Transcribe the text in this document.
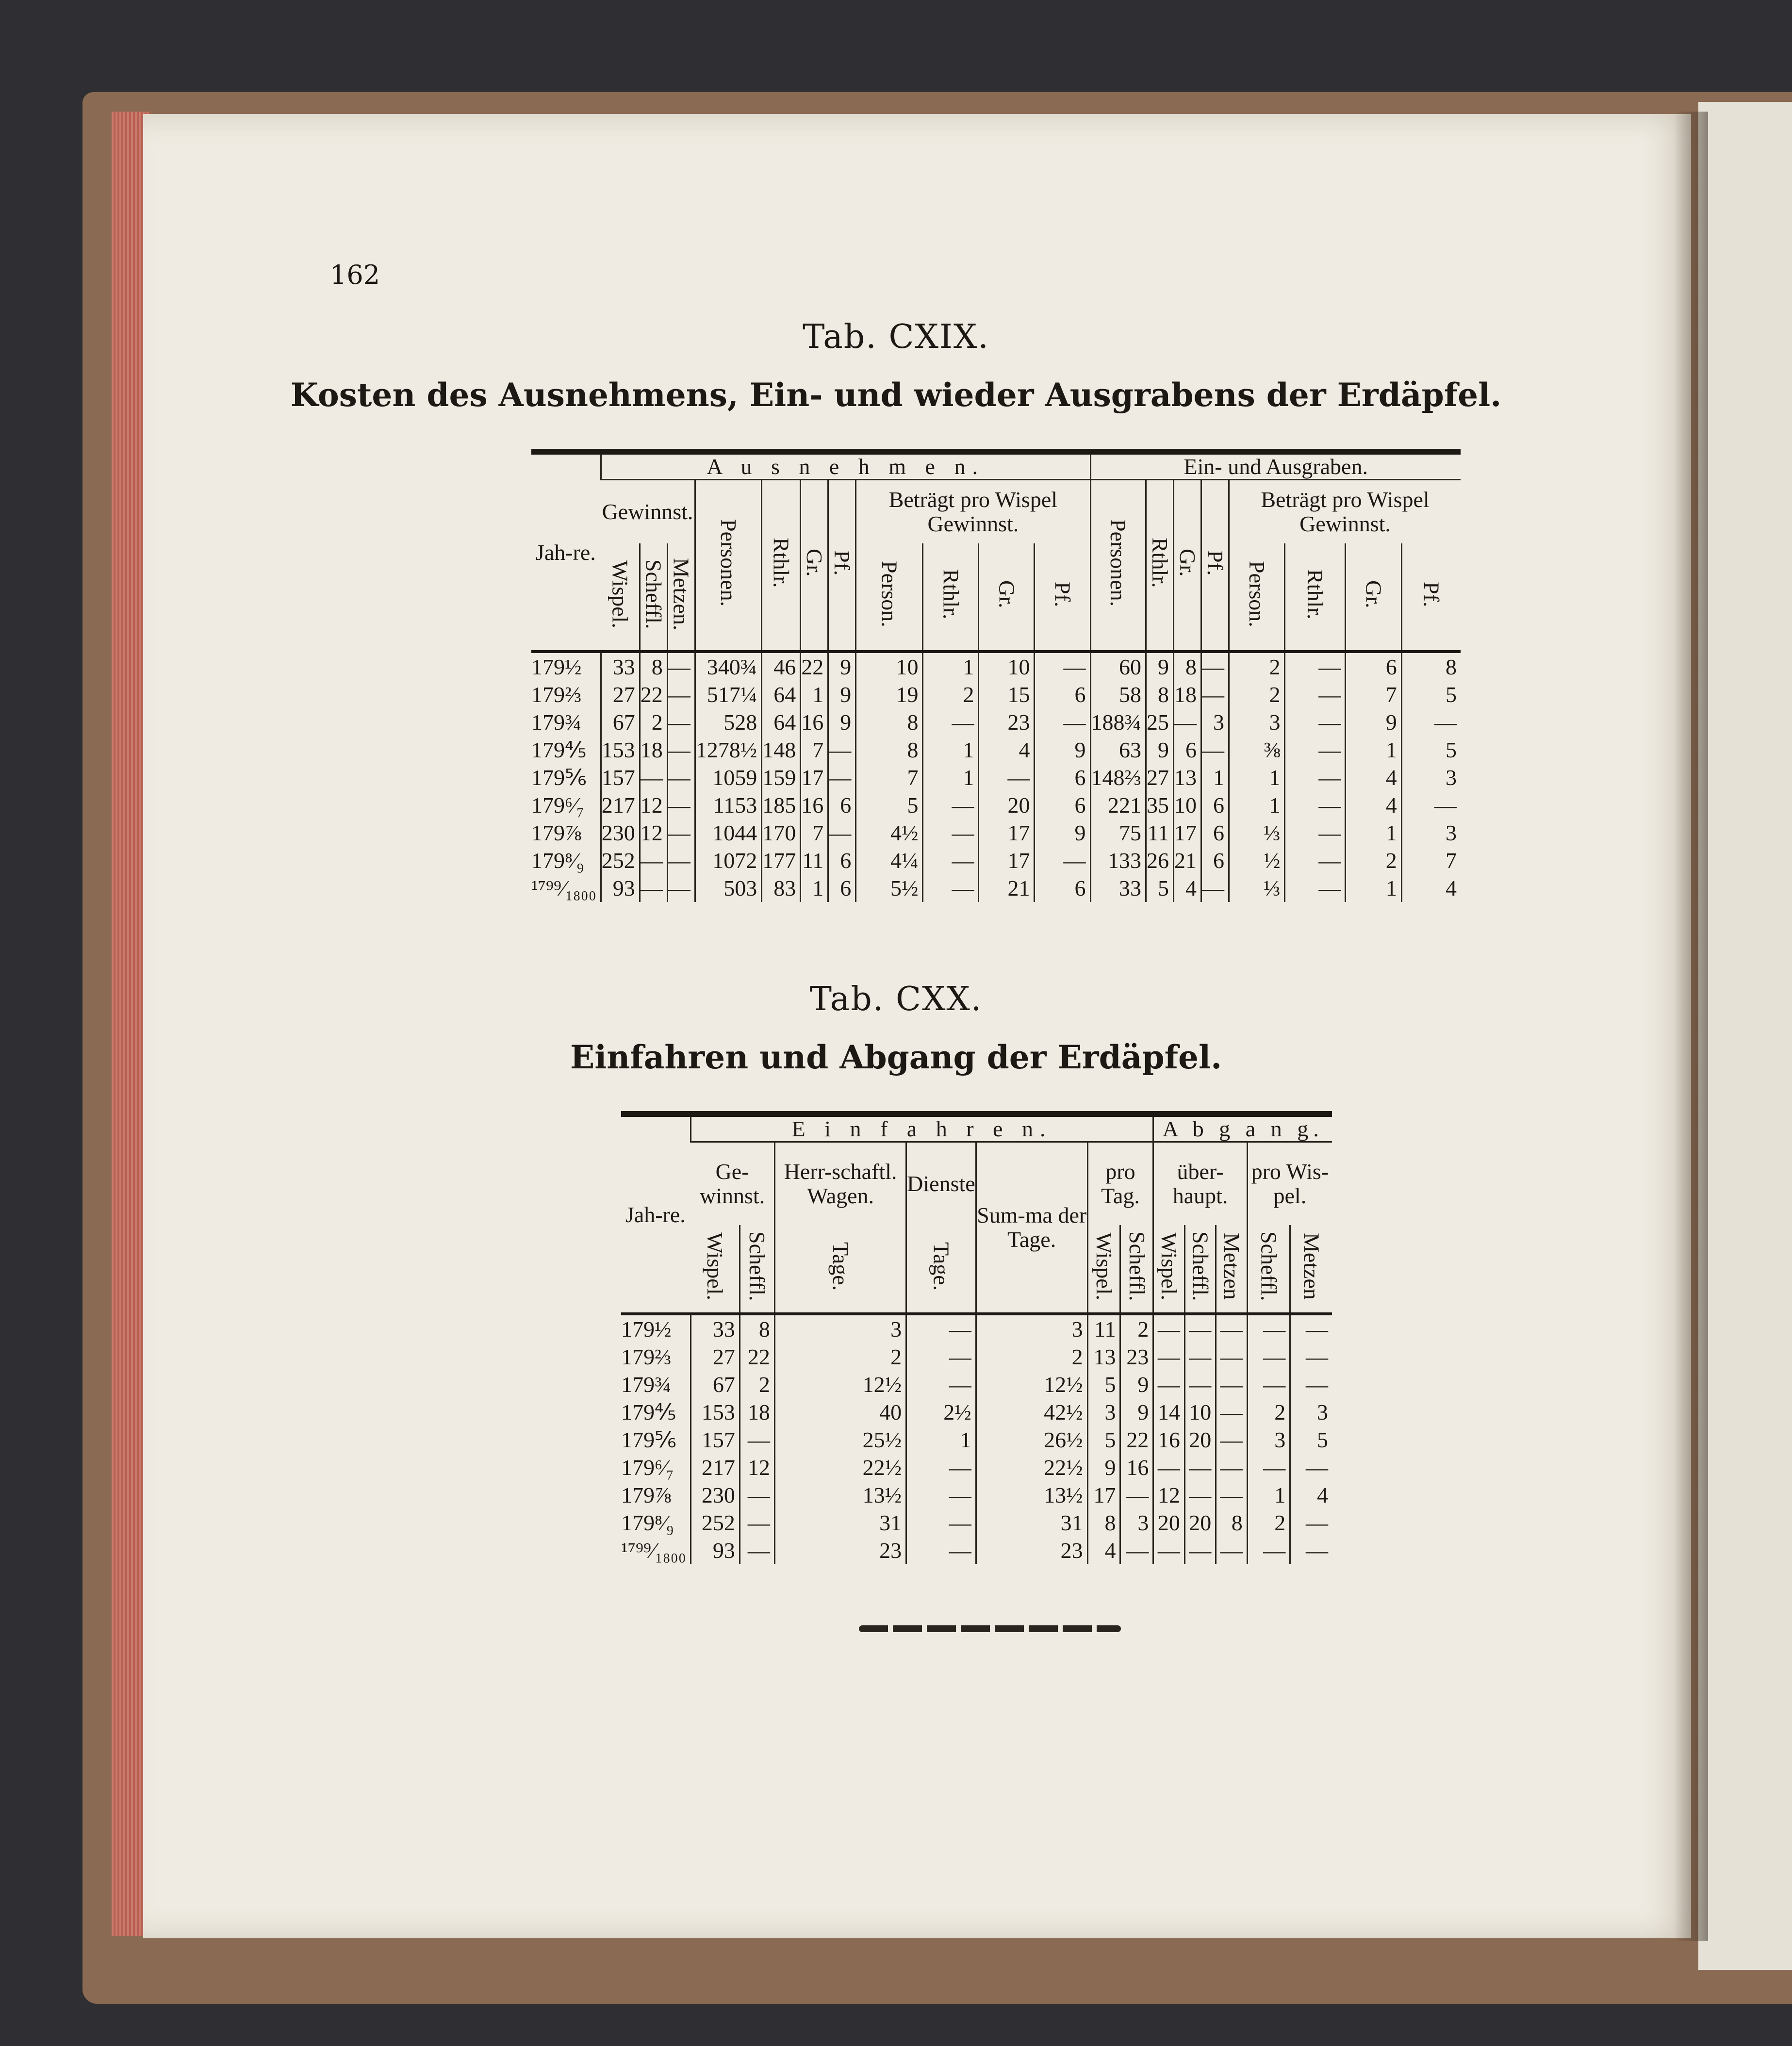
162
Tab. CXIX.
Kosten des Ausnehmens, Ein- und wieder Ausgrabens der Erdäpfel.
Jah-re.	A u s n e h m e n.											Ein- und Ausgraben.							
	Gewinnst.			Personen.	Rthlr.	Gr.	Pf.	Beträgt pro Wispel Gewinnst.				Personen.	Rthlr.	Gr.	Pf.	Beträgt pro Wispel Gewinnst.			
	Wispel.	Scheffl.	Metzen.					Person.	Rthlr.	Gr.	Pf.					Person.	Rthlr.	Gr.	Pf.
179½	33	8	—	340¾	46	22	9	10	1	10	—	60	9	8	—	2	—	6	8
179⅔	27	22	—	517¼	64	1	9	19	2	15	6	58	8	18	—	2	—	7	5
179¾	67	2	—	528	64	16	9	8	—	23	—	188¾	25	—	3	3	—	9	—
179⅘	153	18	—	1278½	148	7	—	8	1	4	9	63	9	6	—	⅜	—	1	5
179⅚	157	—	—	1059	159	17	—	7	1	—	6	148⅔	27	13	1	1	—	4	3
179⁶⁄₇	217	12	—	1153	185	16	6	5	—	20	6	221	35	10	6	1	—	4	—
179⅞	230	12	—	1044	170	7	—	4½	—	17	9	75	11	17	6	⅓	—	1	3
179⁸⁄₉	252	—	—	1072	177	11	6	4¼	—	17	—	133	26	21	6	½	—	2	7
¹⁷⁹⁹⁄₁₈₀₀	93	—	—	503	83	1	6	5½	—	21	6	33	5	4	—	⅓	—	1	4
Tab. CXX.
Einfahren und Abgang der Erdäpfel.
Jah-re.	E i n f a h r e n.							A b g a n g.				
	Ge-winnst.		Herr-schaftl. Wagen.	Dienste	Sum-ma der Tage.	pro Tag.		über-haupt.			pro Wis-pel.	
	Wispel.	Scheffl.	Tage.	Tage.		Wispel.	Scheffl.	Wispel.	Scheffl.	Metzen	Scheffl.	Metzen
179½	33	8	3	—	3	11	2	—	—	—	—	—
179⅔	27	22	2	—	2	13	23	—	—	—	—	—
179¾	67	2	12½	—	12½	5	9	—	—	—	—	—
179⅘	153	18	40	2½	42½	3	9	14	10	—	2	3
179⅚	157	—	25½	1	26½	5	22	16	20	—	3	5
179⁶⁄₇	217	12	22½	—	22½	9	16	—	—	—	—	—
179⅞	230	—	13½	—	13½	17	—	12	—	—	1	4
179⁸⁄₉	252	—	31	—	31	8	3	20	20	8	2	—
¹⁷⁹⁹⁄₁₈₀₀	93	—	23	—	23	4	—	—	—	—	—	—
